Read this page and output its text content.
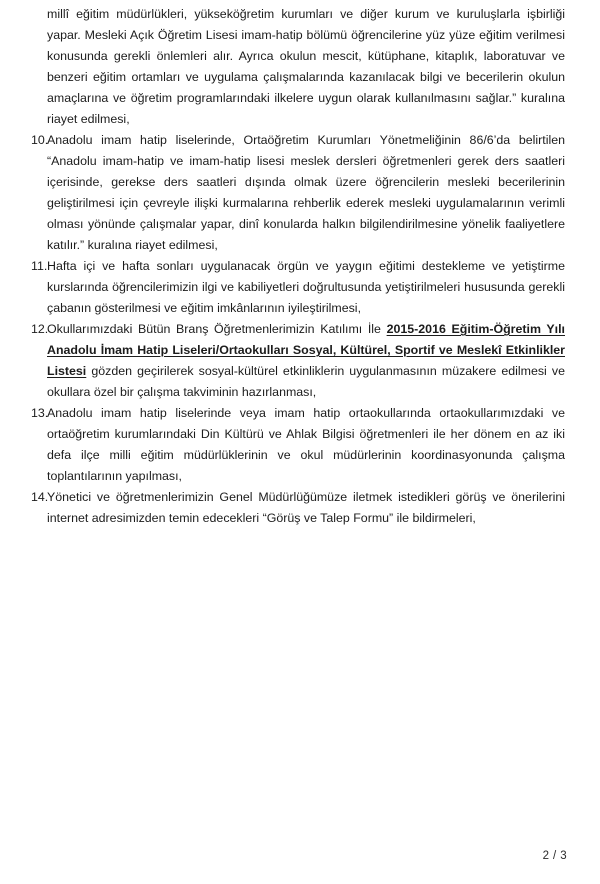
millî eğitim müdürlükleri, yükseköğretim kurumları ve diğer kurum ve kuruluşlarla işbirliği yapar. Mesleki Açık Öğretim Lisesi imam-hatip bölümü öğrencilerine yüz yüze eğitim verilmesi konusunda gerekli önlemleri alır. Ayrıca okulun mescit, kütüphane, kitaplık, laboratuvar ve benzeri eğitim ortamları ve uygulama çalışmalarında kazanılacak bilgi ve becerilerin okulun amaçlarına ve öğretim programlarındaki ilkelere uygun olarak kullanılmasını sağlar.” kuralına riayet edilmesi,

10.
Anadolu imam hatip liselerinde, Ortaöğretim Kurumları Yönetmeliğinin 86/6’da belirtilen “Anadolu imam-hatip ve imam-hatip lisesi meslek dersleri öğretmenleri gerek ders saatleri içerisinde, gerekse ders saatleri dışında olmak üzere öğrencilerin mesleki becerilerinin geliştirilmesi için çevreyle ilişki kurmalarına rehberlik ederek mesleki uygulamalarının verimli olması yönünde çalışmalar yapar, dinî konularda halkın bilgilendirilmesine yönelik faaliyetlere katılır.” kuralına riayet edilmesi,
11. Hafta içi ve hafta sonları uygulanacak örgün ve yaygın eğitimi destekleme ve yetiştirme kurslarında öğrencilerimizin ilgi ve kabiliyetleri doğrultusunda yetiştirilmeleri hususunda gerekli çabanın gösterilmesi ve eğitim imkânlarının iyileştirilmesi,
12.
Okullarımızdaki Bütün Branş Öğretmenlerimizin Katılımı İle 2015-2016 Eğitim-Öğretim Yılı Anadolu İmam Hatip Liseleri/Ortaokulları Sosyal, Kültürel, Sportif ve Meslekî Etkinlikler Listesi gözden geçirilerek sosyal-kültürel etkinliklerin uygulanmasının müzakere edilmesi ve okullara özel bir çalışma takviminin hazırlanması,
13.
Anadolu imam hatip liselerinde veya imam hatip ortaokullarında ortaokullarımızdaki ve ortaöğretim kurumlarındaki Din Kültürü ve Ahlak Bilgisi öğretmenleri ile her dönem en az iki defa ilçe milli eğitim müdürlüklerinin ve okul müdürlerinin koordinasyonunda çalışma toplantılarının yapılması,
14.
Yönetici ve öğretmenlerimizin Genel Müdürlüğümüze iletmek istedikleri görüş ve önerilerini internet adresimizden temin edecekleri “Görüş ve Talep Formu” ile bildirmeleri,
2 / 3
